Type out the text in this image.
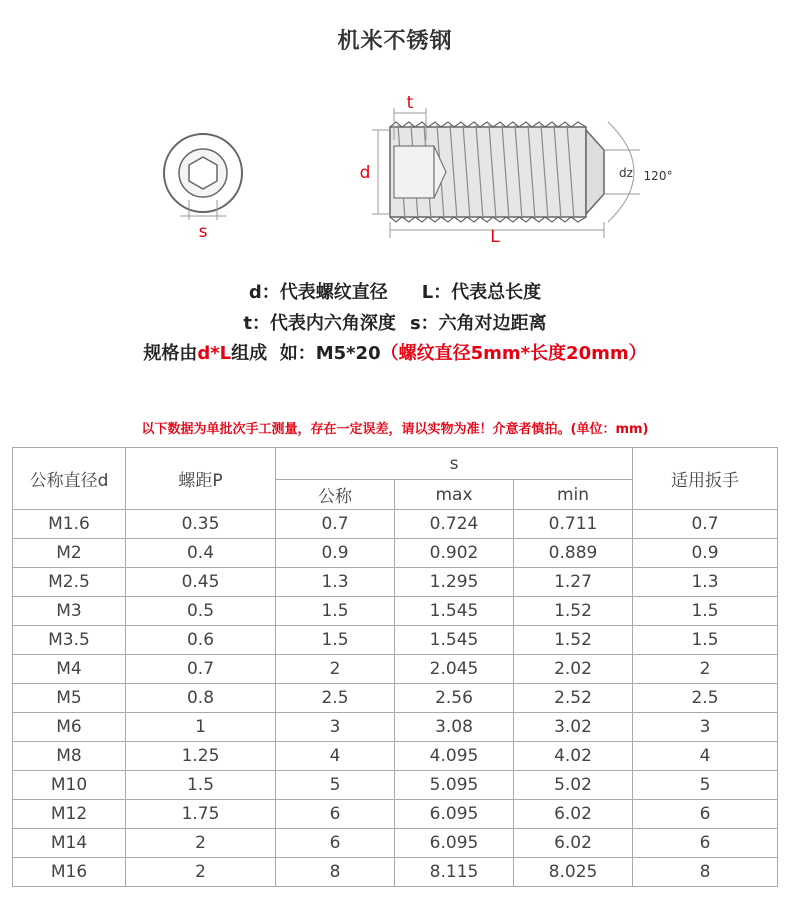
机米不锈钢
s
t
d
L
dz 120°
d：代表螺纹直径 L：代表总长度
t：代表内六角深度 s：六角对边距离
规格由d*L组成  如：M5*20（螺纹直径5mm*长度20mm）
以下数据为单批次手工测量，存在一定误差，请以实物为准！介意者慎拍。(单位：mm)
公称直径d	螺距P	s			适用扳手
		公称	max	min	
M1.6	0.35	0.7	0.724	0.711	0.7
M2	0.4	0.9	0.902	0.889	0.9
M2.5	0.45	1.3	1.295	1.27	1.3
M3	0.5	1.5	1.545	1.52	1.5
M3.5	0.6	1.5	1.545	1.52	1.5
M4	0.7	2	2.045	2.02	2
M5	0.8	2.5	2.56	2.52	2.5
M6	1	3	3.08	3.02	3
M8	1.25	4	4.095	4.02	4
M10	1.5	5	5.095	5.02	5
M12	1.75	6	6.095	6.02	6
M14	2	6	6.095	6.02	6
M16	2	8	8.115	8.025	8
